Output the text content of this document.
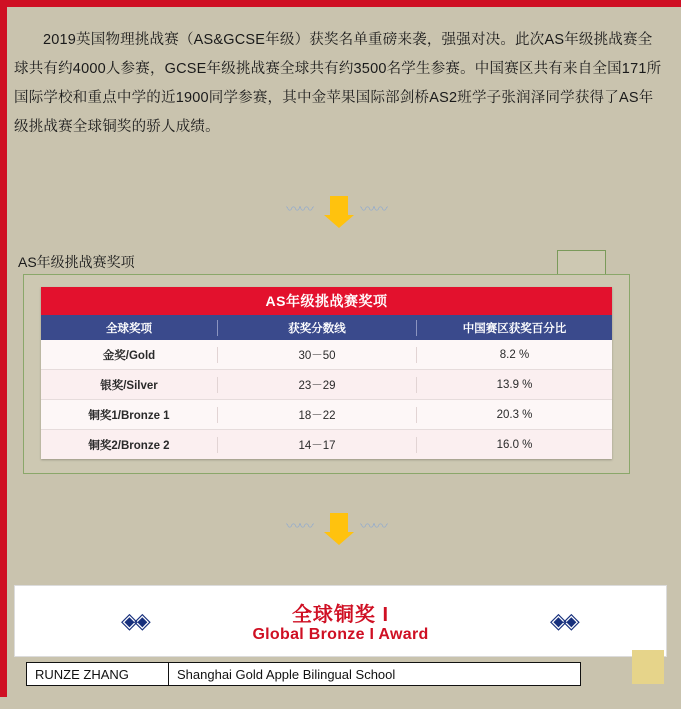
2019英国物理挑战赛（AS&GCSE年级）获奖名单重磅来袭，强强对决。此次AS年级挑战赛全球共有约4000人参赛，GCSE年级挑战赛全球共有约3500名学生参赛。中国赛区共有来自全国171所国际学校和重点中学的近1900同学参赛，其中金苹果国际部剑桥AS2班学子张润泽同学获得了AS年级挑战赛全球铜奖的骄人成绩。
〰〰	〰〰
AS年级挑战赛奖项
AS年级挑战赛奖项
全球奖项	获奖分数线	中国赛区获奖百分比
金奖/Gold	30－50	8.2 %
银奖/Silver	23－29	13.9 %
铜奖1/Bronze 1	18－22	20.3 %
铜奖2/Bronze 2	14－17	16.0 %
〰〰	〰〰
◈◈	全球铜奖 I
Global Bronze I Award
◈◈
RUNZE ZHANG	Shanghai Gold Apple Bilingual School
